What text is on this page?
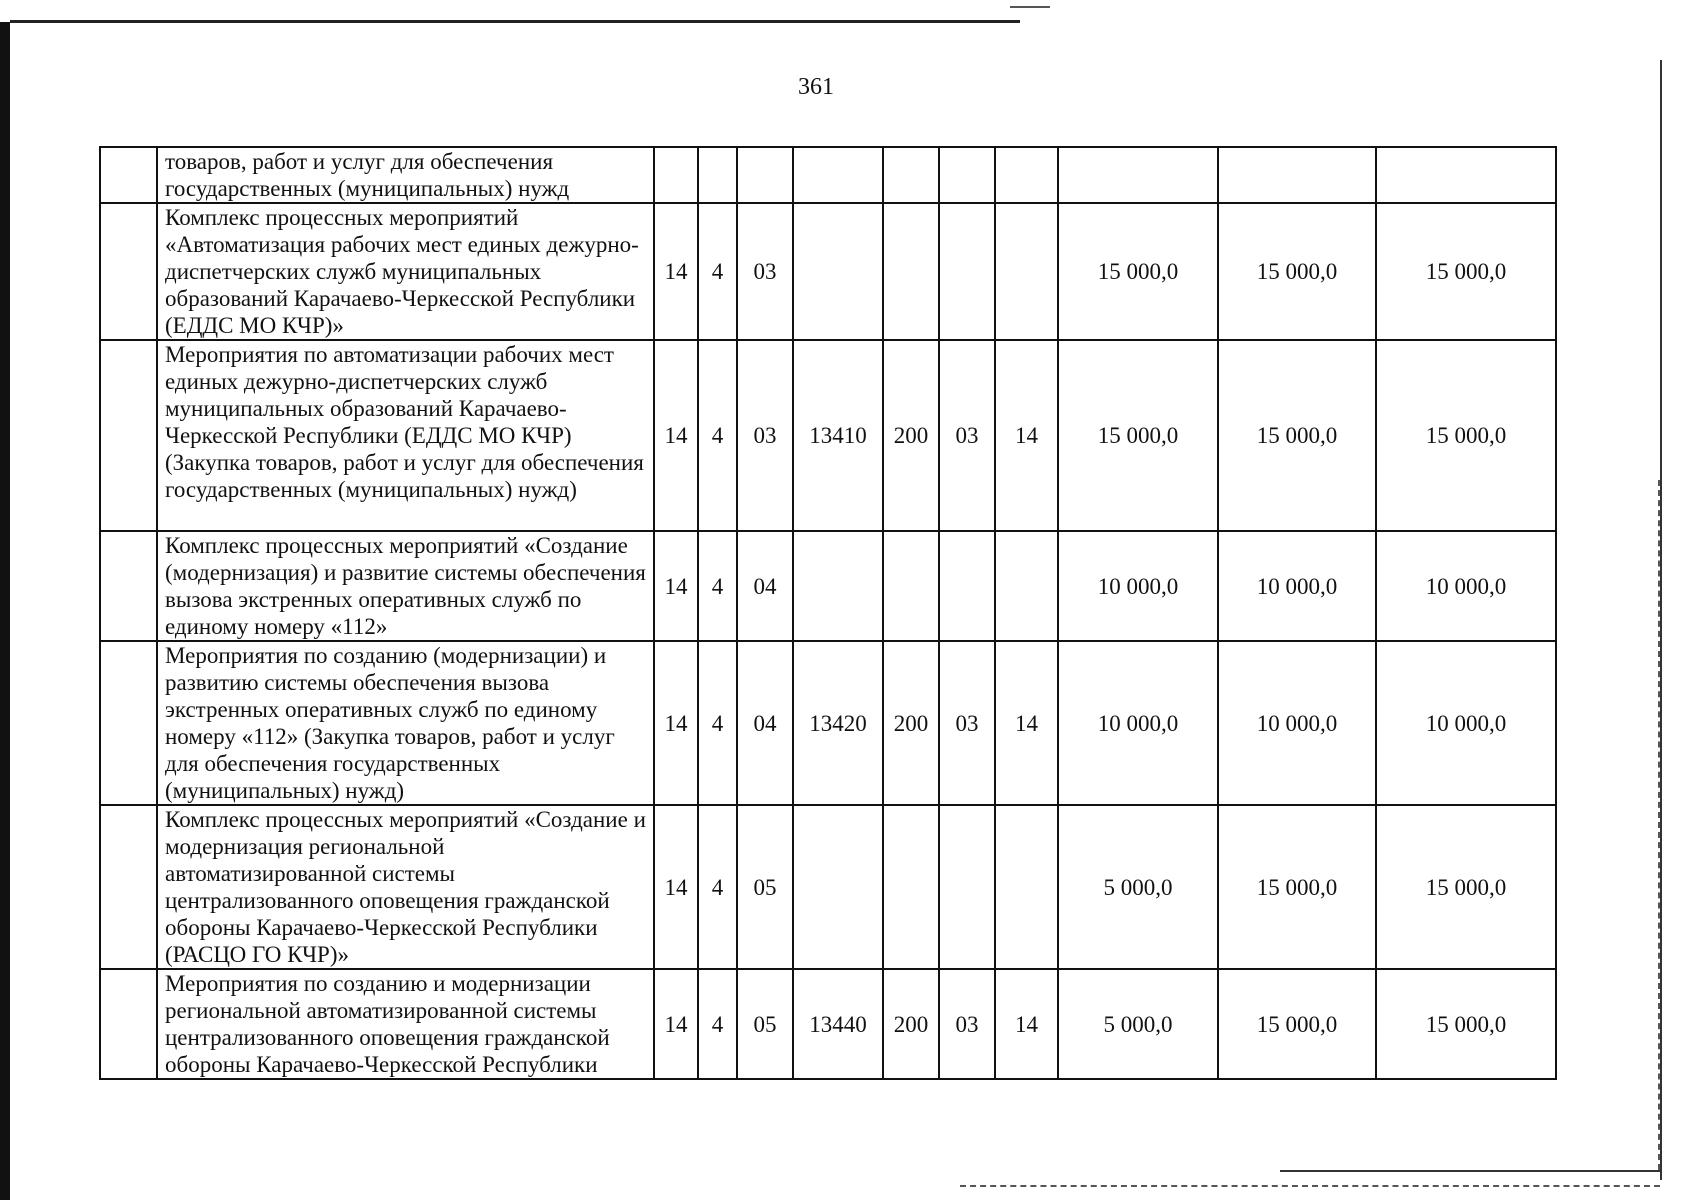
361
	товаров, работ и услуг для обеспечения государственных (муниципальных) нужд										
	Комплекс процессных мероприятий «Автоматизация рабочих мест единых дежурно-диспетчерских служб муниципальных образований Карачаево-Черкесской Республики (ЕДДС МО КЧР)»	14	4	03					15 000,0	15 000,0	15 000,0
	Мероприятия по автоматизации рабочих мест единых дежурно-диспетчерских служб муниципальных образований Карачаево-Черкесской Республики (ЕДДС МО КЧР) (Закупка товаров, работ и услуг для обеспечения государственных (муниципальных) нужд)	14	4	03	13410	200	03	14	15 000,0	15 000,0	15 000,0
	Комплекс процессных мероприятий «Создание (модернизация) и развитие системы обеспечения вызова экстренных оперативных служб по единому номеру «112»	14	4	04					10 000,0	10 000,0	10 000,0
	Мероприятия по созданию (модернизации) и развитию системы обеспечения вызова экстренных оперативных служб по единому номеру «112» (Закупка товаров, работ и услуг для обеспечения государственных (муниципальных) нужд)	14	4	04	13420	200	03	14	10 000,0	10 000,0	10 000,0
	Комплекс процессных мероприятий «Создание и модернизация региональной автоматизированной системы централизованного оповещения гражданской обороны Карачаево-Черкесской Республики (РАСЦО ГО КЧР)»	14	4	05					5 000,0	15 000,0	15 000,0
	Мероприятия по созданию и модернизации региональной автоматизированной системы централизованного оповещения гражданской обороны Карачаево-Черкесской Республики	14	4	05	13440	200	03	14	5 000,0	15 000,0	15 000,0
